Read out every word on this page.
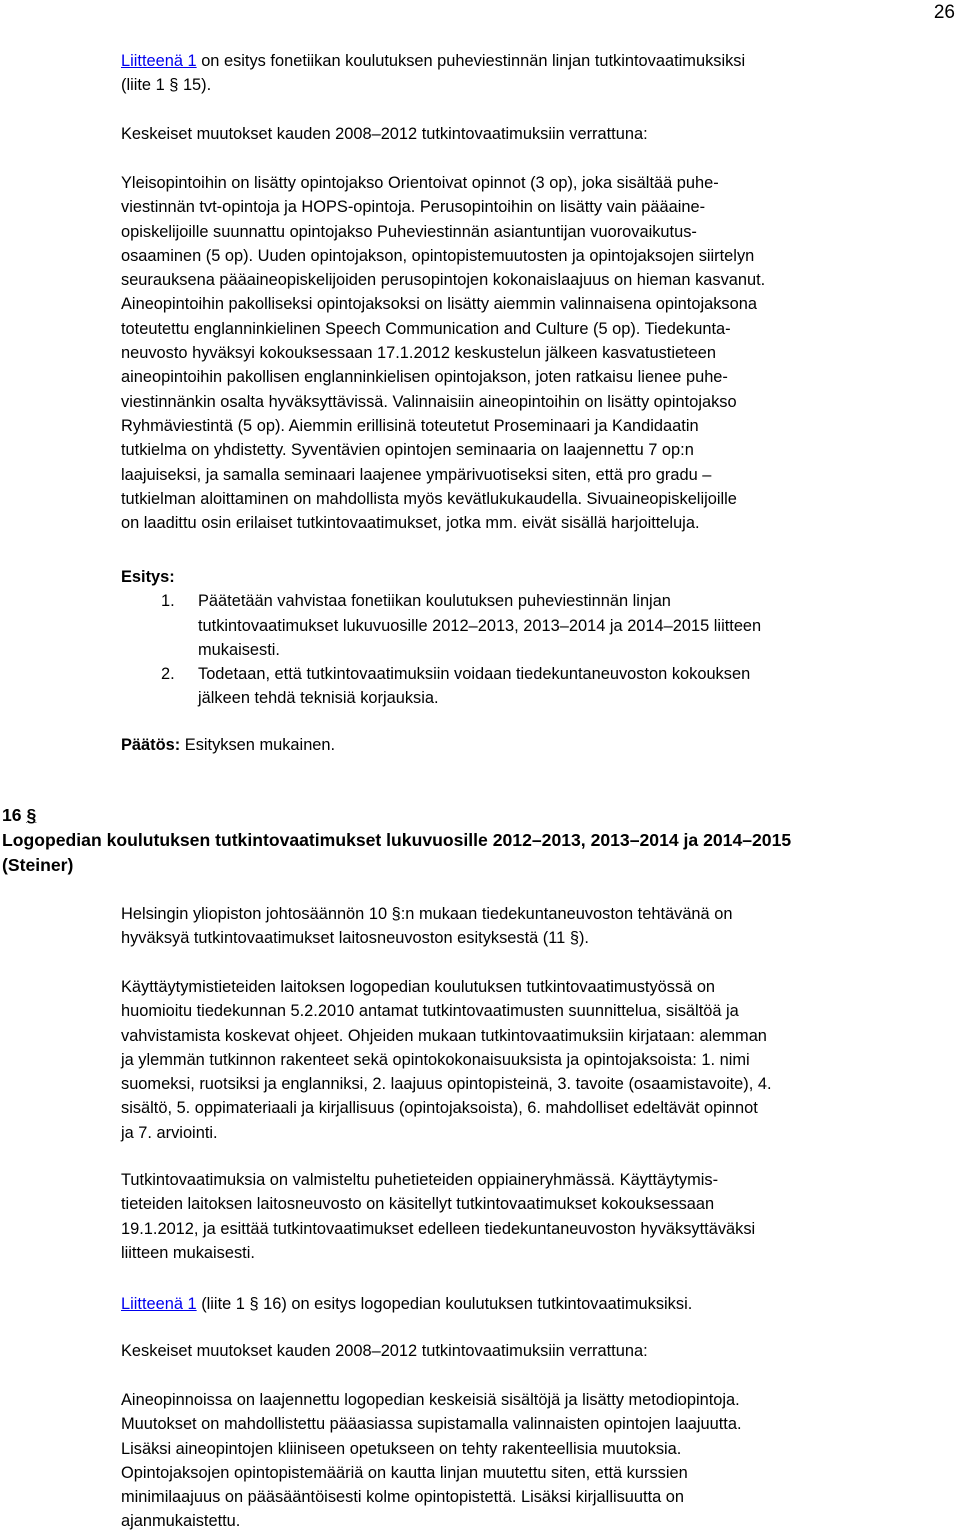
26
Liitteenä 1 on esitys fonetiikan koulutuksen puheviestinnän linjan tutkintovaatimuksiksi
(liite 1 § 15).
Keskeiset muutokset kauden 2008–2012 tutkintovaatimuksiin verrattuna:
Yleisopintoihin on lisätty opintojakso Orientoivat opinnot (3 op), joka sisältää puhe-
viestinnän tvt-opintoja ja HOPS-opintoja. Perusopintoihin on lisätty vain pääaine-
opiskelijoille suunnattu opintojakso Puheviestinnän asiantuntijan vuorovaikutus-
osaaminen (5 op). Uuden opintojakson, opintopistemuutosten ja opintojaksojen siirtelyn
seurauksena pääaineopiskelijoiden perusopintojen kokonaislaajuus on hieman kasvanut.
Aineopintoihin pakolliseksi opintojaksoksi on lisätty aiemmin valinnaisena opintojaksona
toteutettu englanninkielinen Speech Communication and Culture (5 op). Tiedekunta-
neuvosto hyväksyi kokouksessaan 17.1.2012 keskustelun jälkeen kasvatustieteen
aineopintoihin pakollisen englanninkielisen opintojakson, joten ratkaisu lienee puhe-
viestinnänkin osalta hyväksyttävissä. Valinnaisiin aineopintoihin on lisätty opintojakso
Ryhmäviestintä (5 op). Aiemmin erillisinä toteutetut Proseminaari ja Kandidaatin
tutkielma on yhdistetty. Syventävien opintojen seminaaria on laajennettu 7 op:n
laajuiseksi, ja samalla seminaari laajenee ympärivuotiseksi siten, että pro gradu –
tutkielman aloittaminen on mahdollista myös kevätlukukaudella. Sivuaineopiskelijoille
on laadittu osin erilaiset tutkintovaatimukset, jotka mm. eivät sisällä harjoitteluja.
Esitys:
1. Päätetään vahvistaa fonetiikan koulutuksen puheviestinnän linjan
tutkintovaatimukset lukuvuosille 2012–2013, 2013–2014 ja 2014–2015 liitteen
mukaisesti.
2. Todetaan, että tutkintovaatimuksiin voidaan tiedekuntaneuvoston kokouksen
jälkeen tehdä teknisiä korjauksia.
Päätös: Esityksen mukainen.
16 §
Logopedian koulutuksen tutkintovaatimukset lukuvuosille 2012–2013, 2013–2014 ja 2014–2015
(Steiner)
Helsingin yliopiston johtosäännön 10 §:n mukaan tiedekuntaneuvoston tehtävänä on
hyväksyä tutkintovaatimukset laitosneuvoston esityksestä (11 §).
Käyttäytymistieteiden laitoksen logopedian koulutuksen tutkintovaatimustyössä on
huomioitu tiedekunnan 5.2.2010 antamat tutkintovaatimusten suunnittelua, sisältöä ja
vahvistamista koskevat ohjeet. Ohjeiden mukaan tutkintovaatimuksiin kirjataan: alemman
ja ylemmän tutkinnon rakenteet sekä opintokokonaisuuksista ja opintojaksoista: 1. nimi
suomeksi, ruotsiksi ja englanniksi, 2. laajuus opintopisteinä, 3. tavoite (osaamistavoite), 4.
sisältö, 5. oppimateriaali ja kirjallisuus (opintojaksoista), 6. mahdolliset edeltävät opinnot
ja 7. arviointi.
Tutkintovaatimuksia on valmisteltu puhetieteiden oppiaineryhmässä. Käyttäytymis-
tieteiden laitoksen laitosneuvosto on käsitellyt tutkintovaatimukset kokouksessaan
19.1.2012, ja esittää tutkintovaatimukset edelleen tiedekuntaneuvoston hyväksyttäväksi
liitteen mukaisesti.
Liitteenä 1 (liite 1 § 16) on esitys logopedian koulutuksen tutkintovaatimuksiksi.
Keskeiset muutokset kauden 2008–2012 tutkintovaatimuksiin verrattuna:
Aineopinnoissa on laajennettu logopedian keskeisiä sisältöjä ja lisätty metodiopintoja.
Muutokset on mahdollistettu pääasiassa supistamalla valinnaisten opintojen laajuutta.
Lisäksi aineopintojen kliiniseen opetukseen on tehty rakenteellisia muutoksia.
Opintojaksojen opintopistemääriä on kautta linjan muutettu siten, että kurssien
minimilaajuus on pääsääntöisesti kolme opintopistettä. Lisäksi kirjallisuutta on
ajanmukaistettu.
